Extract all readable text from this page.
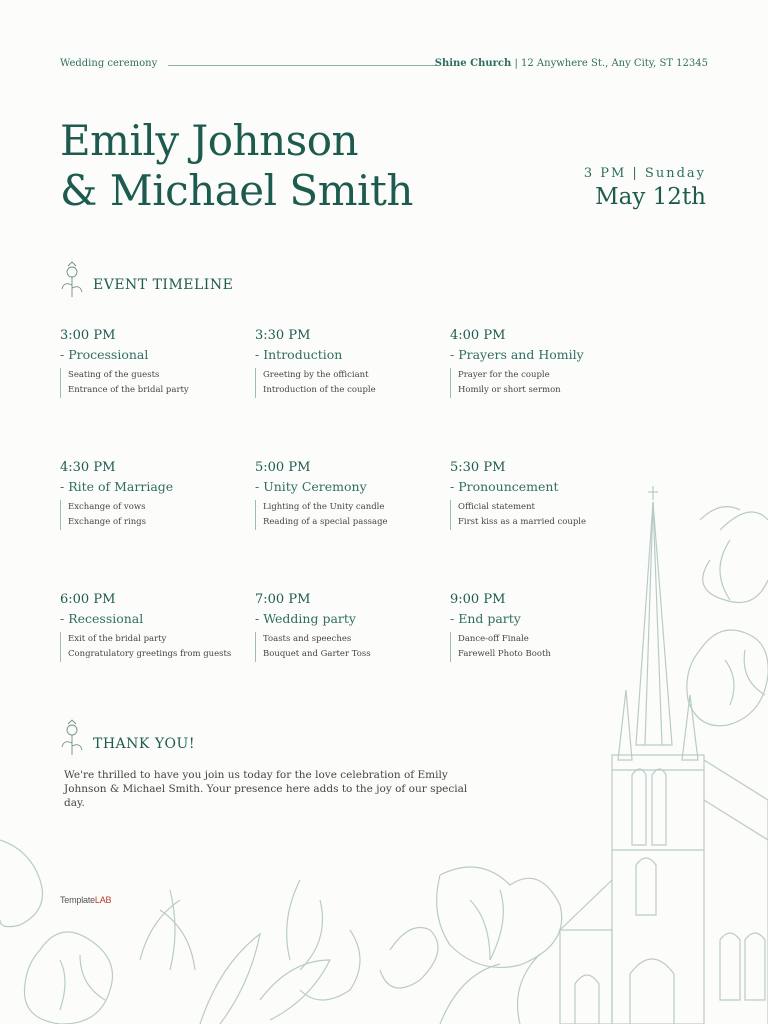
Wedding ceremony	Shine Church | 12 Anywhere St., Any City, ST 12345
Emily Johnson
& Michael Smith	3 PM | Sunday
May 12th
EVENT TIMELINE
3:00 PM
- Processional
Seating of the guests
Entrance of the bridal party
3:30 PM
- Introduction
Greeting by the officiant
Introduction of the couple
4:00 PM
- Prayers and Homily
Prayer for the couple
Homily or short sermon
4:30 PM
- Rite of Marriage
Exchange of vows
Exchange of rings
5:00 PM
- Unity Ceremony
Lighting of the Unity candle
Reading of a special passage
5:30 PM
- Pronouncement
Official statement
First kiss as a married couple
6:00 PM
- Recessional
Exit of the bridal party
Congratulatory greetings from guests
7:00 PM
- Wedding party
Toasts and speeches
Bouquet and Garter Toss
9:00 PM
- End party
Dance-off Finale
Farewell Photo Booth
THANK YOU!
We're thrilled to have you join us today for the love celebration of Emily Johnson & Michael Smith. Your presence here adds to the joy of our special day.
TemplateLAB
